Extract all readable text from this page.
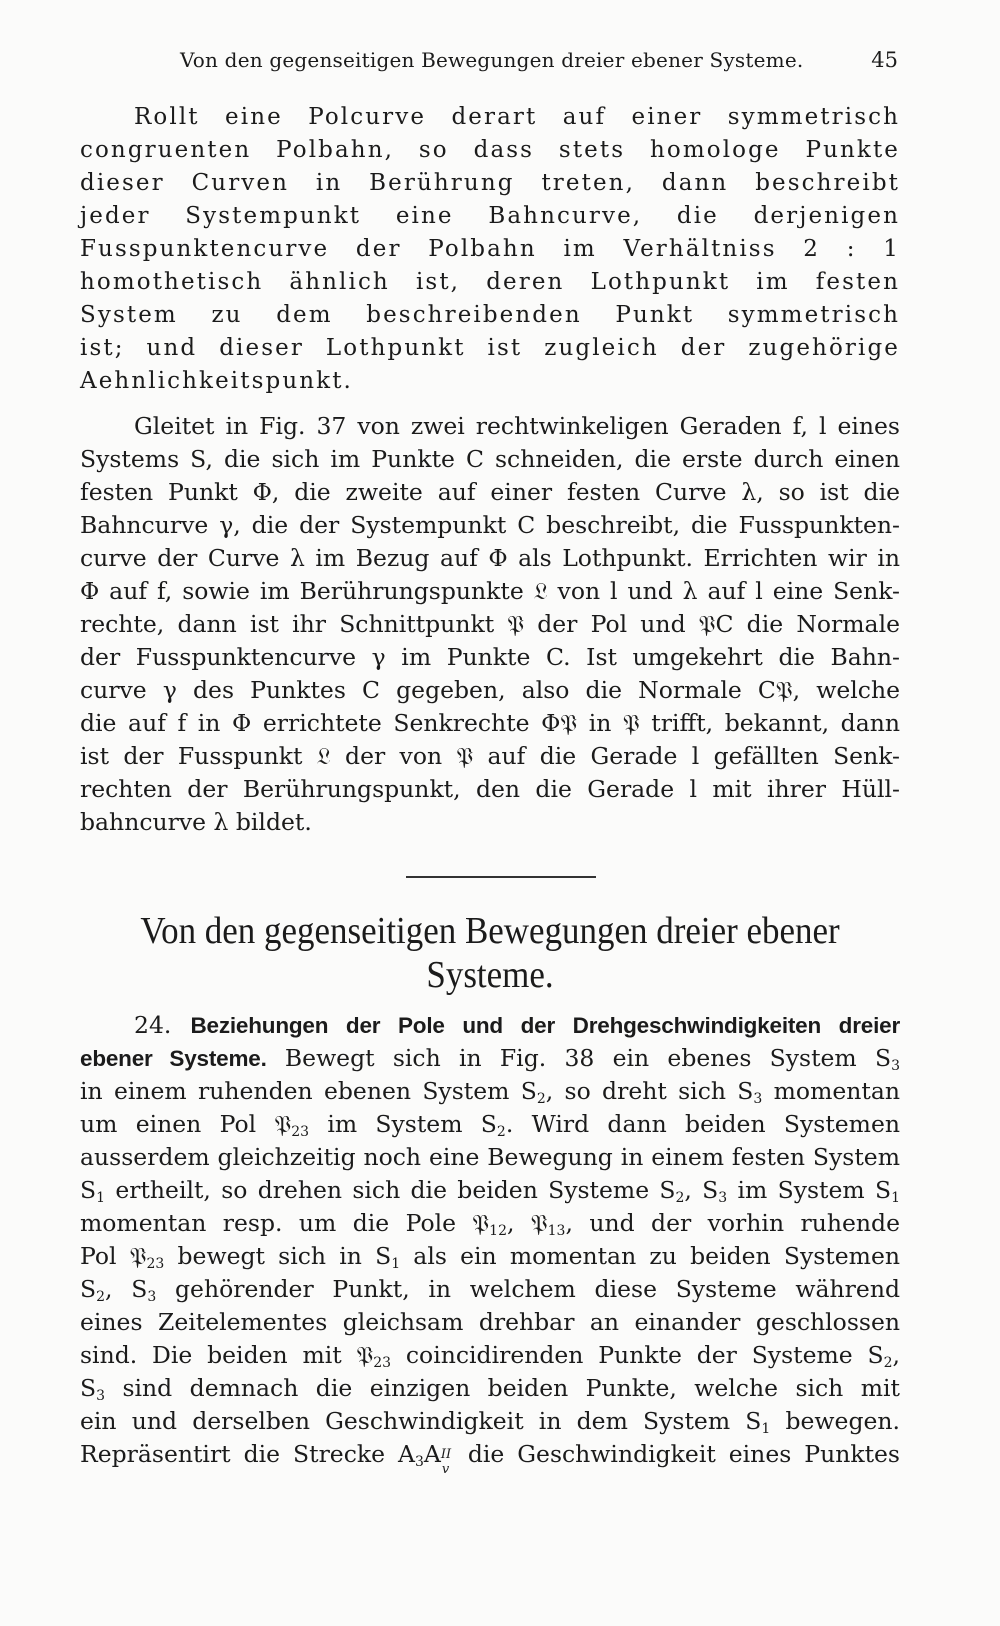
Von den gegenseitigen Bewegungen dreier ebener Systeme.	45
Rollt eine Polcurve derart auf einer symmetrisch
congruenten Polbahn, so dass stets homologe Punkte
dieser Curven in Berührung treten, dann beschreibt
jeder Systempunkt eine Bahncurve, die derjenigen
Fusspunktencurve der Polbahn im Verhältniss 2 : 1
homothetisch ähnlich ist, deren Lothpunkt im festen
System zu dem beschreibenden Punkt symmetrisch
ist; und dieser Lothpunkt ist zugleich der zugehörige
Aehnlichkeitspunkt.
Gleitet in Fig. 37 von zwei rechtwinkeligen Geraden f, l eines
Systems S, die sich im Punkte C schneiden, die erste durch einen
festen Punkt Φ, die zweite auf einer festen Curve λ, so ist die
Bahncurve γ, die der Systempunkt C beschreibt, die Fusspunkten-
curve der Curve λ im Bezug auf Φ als Lothpunkt. Errichten wir in
Φ auf f, sowie im Berührungspunkte 𝔏 von l und λ auf l eine Senk-
rechte, dann ist ihr Schnittpunkt 𝔓 der Pol und 𝔓C die Normale
der Fusspunktencurve γ im Punkte C. Ist umgekehrt die Bahn-
curve γ des Punktes C gegeben, also die Normale C𝔓, welche
die auf f in Φ errichtete Senkrechte Φ𝔓 in 𝔓 trifft, bekannt, dann
ist der Fusspunkt 𝔏 der von 𝔓 auf die Gerade l gefällten Senk-
rechten der Berührungspunkt, den die Gerade l mit ihrer Hüll-
bahncurve λ bildet.
Von den gegenseitigen Bewegungen dreier ebener
Systeme.
24. Beziehungen der Pole und der Drehgeschwindigkeiten dreier
ebener Systeme. Bewegt sich in Fig. 38 ein ebenes System $S_3$
in einem ruhenden ebenen System $S_2$, so dreht sich $S_3$ momentan
um einen Pol 𝔓$_{23}$ im System $S_2$. Wird dann beiden Systemen
ausserdem gleichzeitig noch eine Bewegung in einem festen System
$S_1$ ertheilt, so drehen sich die beiden Systeme $S_2$, $S_3$ im System $S_1$
momentan resp. um die Pole 𝔓$_{12}$, 𝔓$_{13}$, und der vorhin ruhende
Pol 𝔓$_{23}$ bewegt sich in $S_1$ als ein momentan zu beiden Systemen
$S_2$, $S_3$ gehörender Punkt, in welchem diese Systeme während
eines Zeitelementes gleichsam drehbar an einander geschlossen
sind. Die beiden mit 𝔓$_{23}$ coincidirenden Punkte der Systeme $S_2$,
$S_3$ sind demnach die einzigen beiden Punkte, welche sich mit
ein und derselben Geschwindigkeit in dem System $S_1$ bewegen.
Repräsentirt die Strecke $A_3A$ II
v
die Geschwindigkeit eines Punktes
